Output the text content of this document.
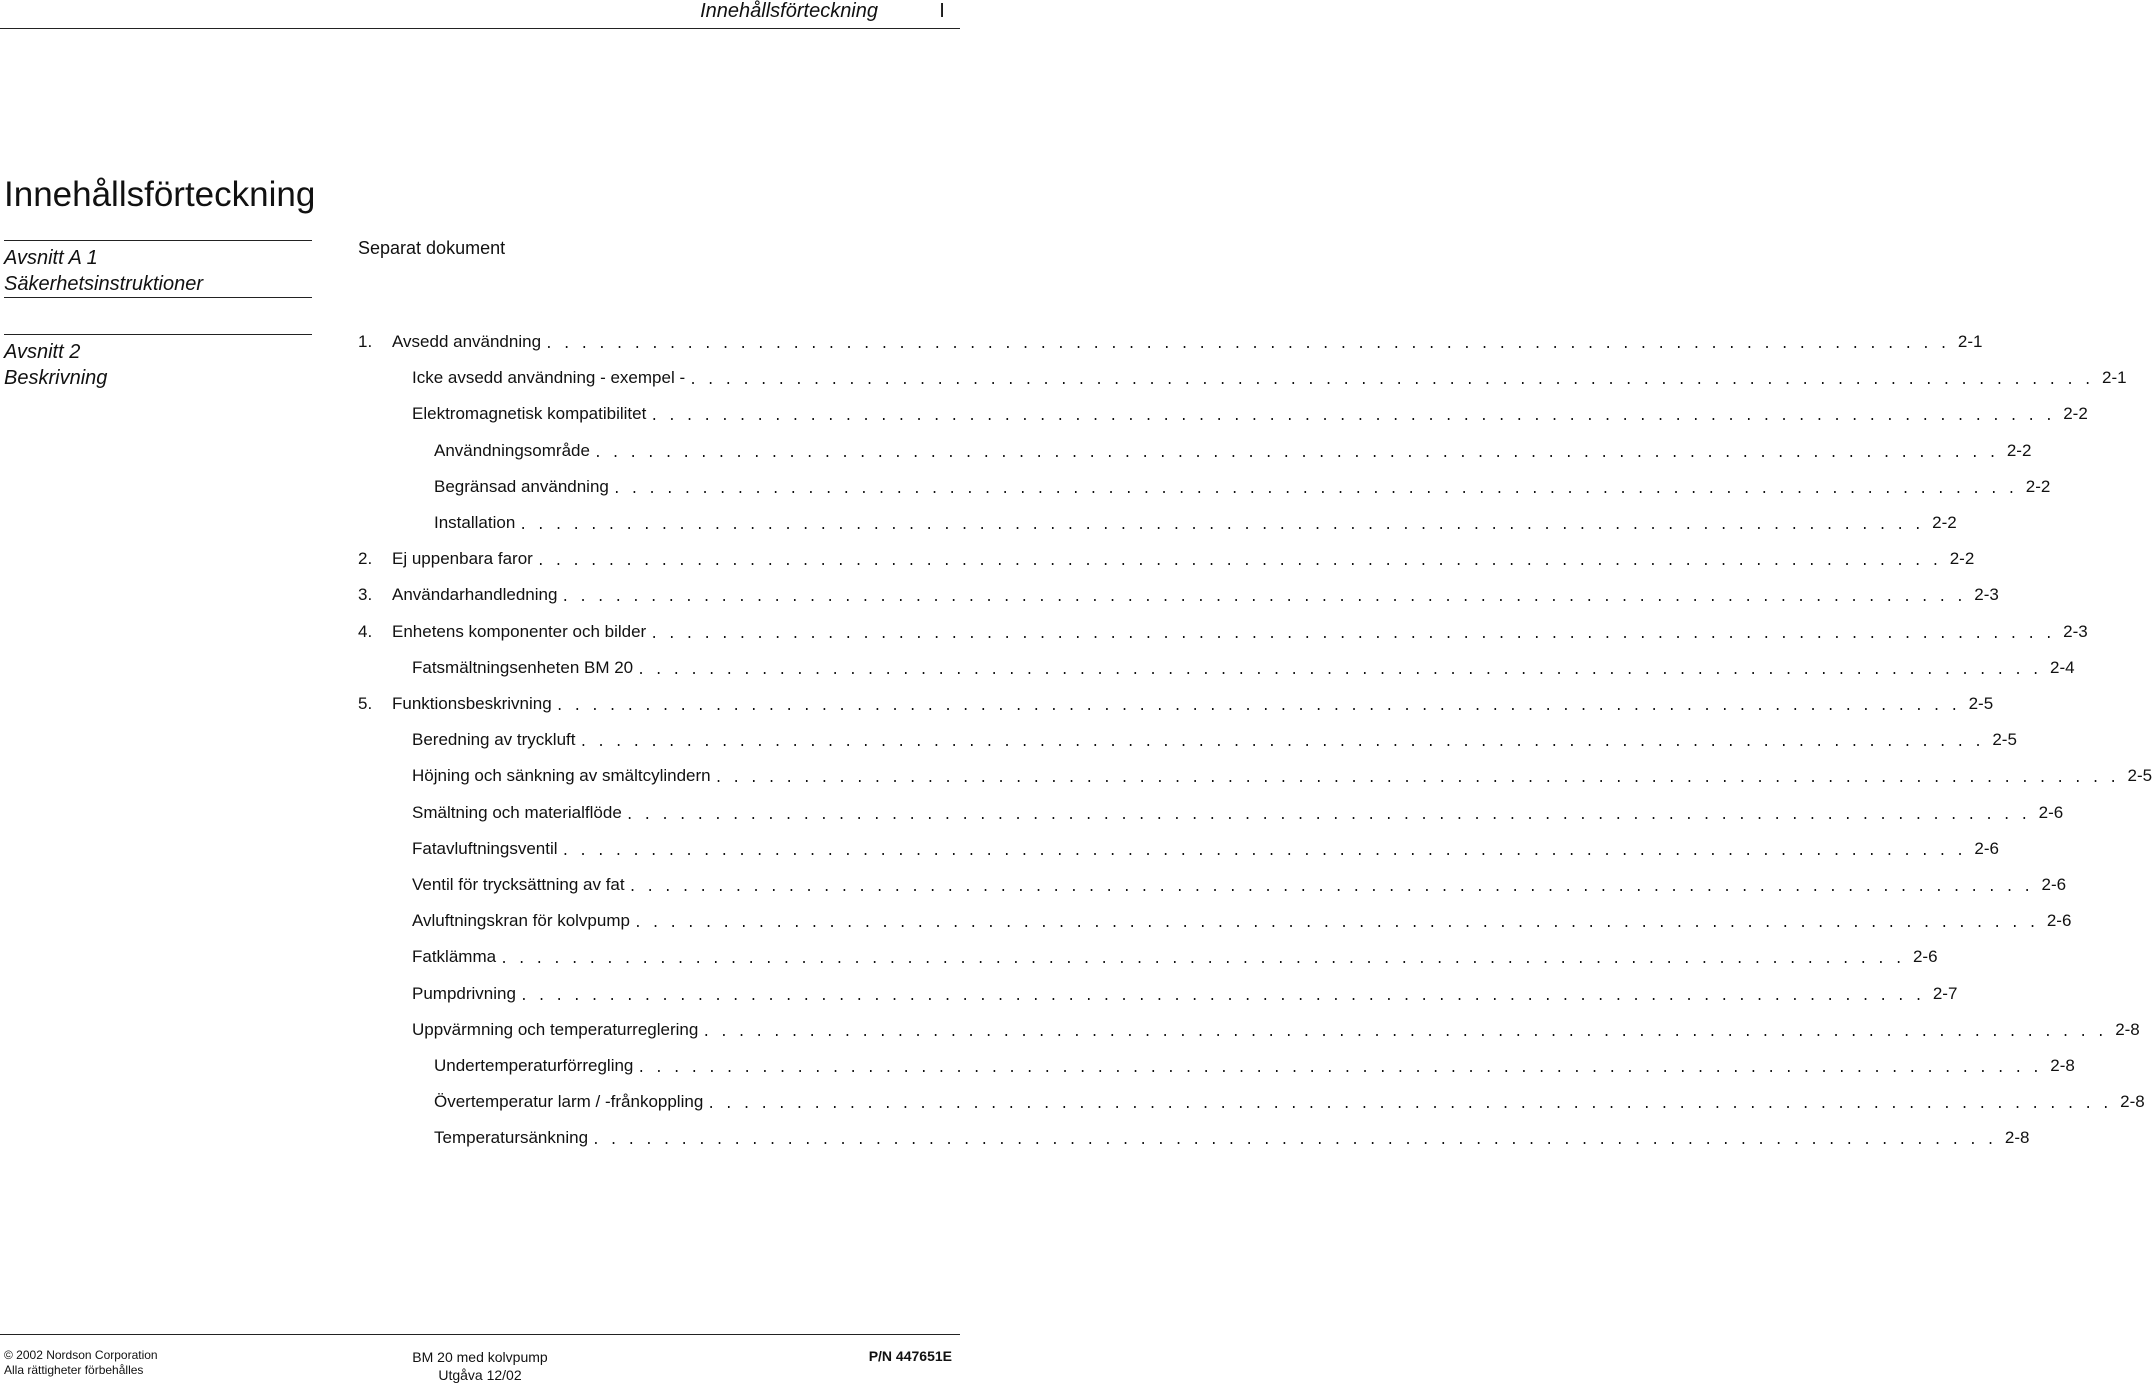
Innehållsförteckning	I
Innehållsförteckning
Avsnitt A 1
Säkerhetsinstruktioner
Separat dokument
Avsnitt 2
Beskrivning
1.	Avsedd användning . . . . . . . . . . . . . . . . . . . . . . . . . . . . . . . . . . . . . . . . . . . . . . . . . . . . . . . . . . . . . . . . . . . . . . . . . . . . . . . . 2-1
Icke avsedd användning - exempel - . . . . . . . . . . . . . . . . . . . . . . . . . . . . . . . . . . . . . . . . . . . . . . . . . . . . . . . . . . . . . . . . . . . . . . . . . . . . . . . . 2-1
Elektromagnetisk kompatibilitet . . . . . . . . . . . . . . . . . . . . . . . . . . . . . . . . . . . . . . . . . . . . . . . . . . . . . . . . . . . . . . . . . . . . . . . . . . . . . . . . 2-2
Användningsområde . . . . . . . . . . . . . . . . . . . . . . . . . . . . . . . . . . . . . . . . . . . . . . . . . . . . . . . . . . . . . . . . . . . . . . . . . . . . . . . . 2-2
Begränsad användning . . . . . . . . . . . . . . . . . . . . . . . . . . . . . . . . . . . . . . . . . . . . . . . . . . . . . . . . . . . . . . . . . . . . . . . . . . . . . . . . 2-2
Installation . . . . . . . . . . . . . . . . . . . . . . . . . . . . . . . . . . . . . . . . . . . . . . . . . . . . . . . . . . . . . . . . . . . . . . . . . . . . . . . . 2-2
2.	Ej uppenbara faror . . . . . . . . . . . . . . . . . . . . . . . . . . . . . . . . . . . . . . . . . . . . . . . . . . . . . . . . . . . . . . . . . . . . . . . . . . . . . . . . 2-2
3.	Användarhandledning . . . . . . . . . . . . . . . . . . . . . . . . . . . . . . . . . . . . . . . . . . . . . . . . . . . . . . . . . . . . . . . . . . . . . . . . . . . . . . . . 2-3
4.	Enhetens komponenter och bilder . . . . . . . . . . . . . . . . . . . . . . . . . . . . . . . . . . . . . . . . . . . . . . . . . . . . . . . . . . . . . . . . . . . . . . . . . . . . . . . . 2-3
Fatsmältningsenheten BM 20 . . . . . . . . . . . . . . . . . . . . . . . . . . . . . . . . . . . . . . . . . . . . . . . . . . . . . . . . . . . . . . . . . . . . . . . . . . . . . . . . 2-4
5.	Funktionsbeskrivning . . . . . . . . . . . . . . . . . . . . . . . . . . . . . . . . . . . . . . . . . . . . . . . . . . . . . . . . . . . . . . . . . . . . . . . . . . . . . . . . 2-5
Beredning av tryckluft . . . . . . . . . . . . . . . . . . . . . . . . . . . . . . . . . . . . . . . . . . . . . . . . . . . . . . . . . . . . . . . . . . . . . . . . . . . . . . . . 2-5
Höjning och sänkning av smältcylindern . . . . . . . . . . . . . . . . . . . . . . . . . . . . . . . . . . . . . . . . . . . . . . . . . . . . . . . . . . . . . . . . . . . . . . . . . . . . . . . . 2-5
Smältning och materialflöde . . . . . . . . . . . . . . . . . . . . . . . . . . . . . . . . . . . . . . . . . . . . . . . . . . . . . . . . . . . . . . . . . . . . . . . . . . . . . . . . 2-6
Fatavluftningsventil . . . . . . . . . . . . . . . . . . . . . . . . . . . . . . . . . . . . . . . . . . . . . . . . . . . . . . . . . . . . . . . . . . . . . . . . . . . . . . . . 2-6
Ventil för trycksättning av fat . . . . . . . . . . . . . . . . . . . . . . . . . . . . . . . . . . . . . . . . . . . . . . . . . . . . . . . . . . . . . . . . . . . . . . . . . . . . . . . . 2-6
Avluftningskran för kolvpump . . . . . . . . . . . . . . . . . . . . . . . . . . . . . . . . . . . . . . . . . . . . . . . . . . . . . . . . . . . . . . . . . . . . . . . . . . . . . . . . 2-6
Fatklämma . . . . . . . . . . . . . . . . . . . . . . . . . . . . . . . . . . . . . . . . . . . . . . . . . . . . . . . . . . . . . . . . . . . . . . . . . . . . . . . . 2-6
Pumpdrivning . . . . . . . . . . . . . . . . . . . . . . . . . . . . . . . . . . . . . . . . . . . . . . . . . . . . . . . . . . . . . . . . . . . . . . . . . . . . . . . . 2-7
Uppvärmning och temperaturreglering . . . . . . . . . . . . . . . . . . . . . . . . . . . . . . . . . . . . . . . . . . . . . . . . . . . . . . . . . . . . . . . . . . . . . . . . . . . . . . . . 2-8
Undertemperaturförregling . . . . . . . . . . . . . . . . . . . . . . . . . . . . . . . . . . . . . . . . . . . . . . . . . . . . . . . . . . . . . . . . . . . . . . . . . . . . . . . . 2-8
Övertemperatur larm / -frånkoppling . . . . . . . . . . . . . . . . . . . . . . . . . . . . . . . . . . . . . . . . . . . . . . . . . . . . . . . . . . . . . . . . . . . . . . . . . . . . . . . . 2-8
Temperatursänkning . . . . . . . . . . . . . . . . . . . . . . . . . . . . . . . . . . . . . . . . . . . . . . . . . . . . . . . . . . . . . . . . . . . . . . . . . . . . . . . . 2-8
© 2002 Nordson Corporation
Alla rättigheter förbehålles
BM 20 med kolvpump
Utgåva 12/02
P/N 447651E
